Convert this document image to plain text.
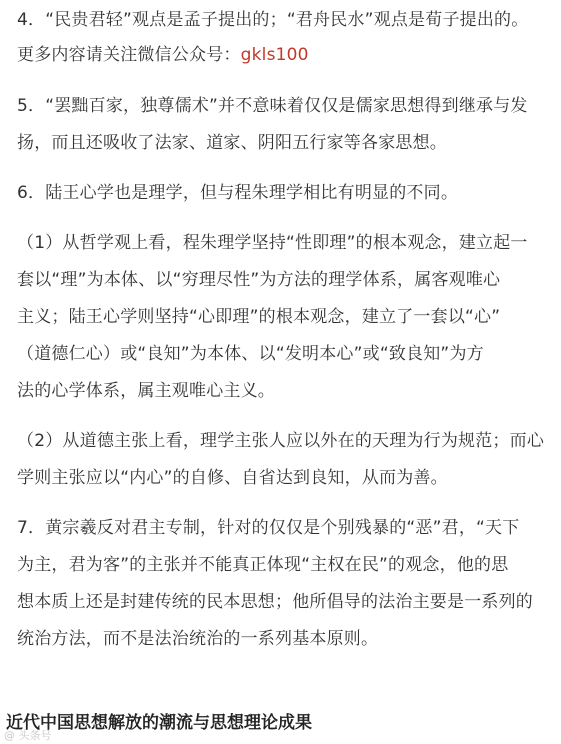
4．“民贵君轻”观点是孟子提出的；“君舟民水”观点是荀子提出的。
更多内容请关注微信公众号：gkls100
5．“罢黜百家，独尊儒术”并不意味着仅仅是儒家思想得到继承与发
扬，而且还吸收了法家、道家、阴阳五行家等各家思想。
6．陆王心学也是理学，但与程朱理学相比有明显的不同。
（1）从哲学观上看，程朱理学坚持“性即理”的根本观念，建立起一
套以“理”为本体、以“穷理尽性”为方法的理学体系，属客观唯心
主义；陆王心学则坚持“心即理”的根本观念，建立了一套以“心”
（道德仁心）或“良知”为本体、以“发明本心”或“致良知”为方
法的心学体系，属主观唯心主义。
（2）从道德主张上看，理学主张人应以外在的天理为行为规范；而心
学则主张应以“内心”的自修、自省达到良知，从而为善。
7．黄宗羲反对君主专制，针对的仅仅是个别残暴的“恶”君，“天下
为主，君为客”的主张并不能真正体现“主权在民”的观念，他的思
想本质上还是封建传统的民本思想；他所倡导的法治主要是一系列的
统治方法，而不是法治统治的一系列基本原则。
近代中国思想解放的潮流与思想理论成果
@ 头条号
